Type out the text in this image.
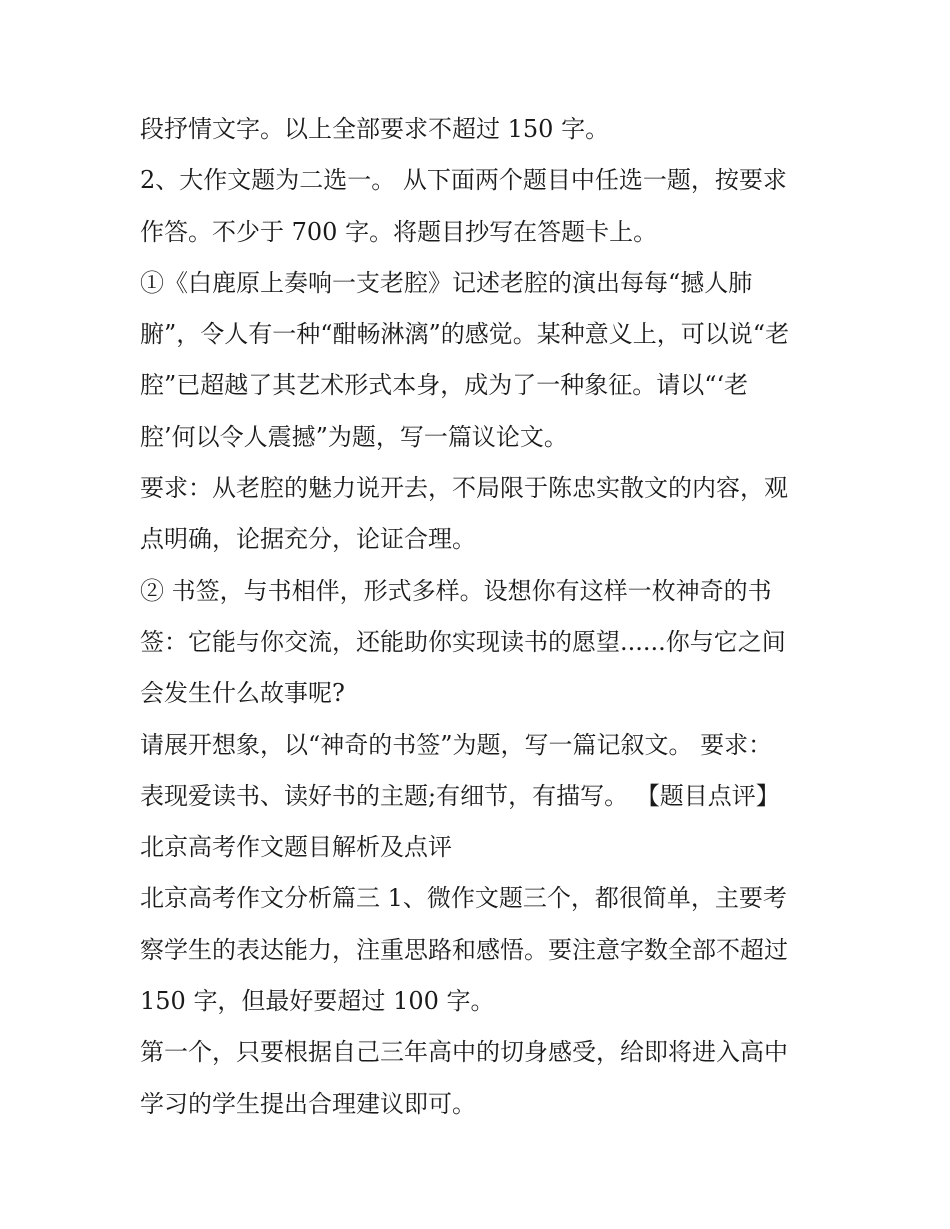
段抒情文字。以上全部要求不超过 150 字。
2、大作文题为二选一。 从下面两个题目中任选一题，按要求
作答。不少于 700 字。将题目抄写在答题卡上。
①《白鹿原上奏响一支老腔》记述老腔的演出每每“撼人肺
腑”，令人有一种“酣畅淋漓”的感觉。某种意义上，可以说“老
腔”已超越了其艺术形式本身，成为了一种象征。请以“‘老
腔’何以令人震撼”为题，写一篇议论文。
要求：从老腔的魅力说开去，不局限于陈忠实散文的内容，观
点明确，论据充分，论证合理。
② 书签，与书相伴，形式多样。设想你有这样一枚神奇的书
签：它能与你交流，还能助你实现读书的愿望......你与它之间
会发生什么故事呢?
请展开想象，以“神奇的书签”为题，写一篇记叙文。 要求：
表现爱读书、读好书的主题;有细节，有描写。 【题目点评】
北京高考作文题目解析及点评
北京高考作文分析篇三 1、微作文题三个，都很简单，主要考
察学生的表达能力，注重思路和感悟。要注意字数全部不超过
150 字，但最好要超过 100 字。
第一个，只要根据自己三年高中的切身感受，给即将进入高中
学习的学生提出合理建议即可。
